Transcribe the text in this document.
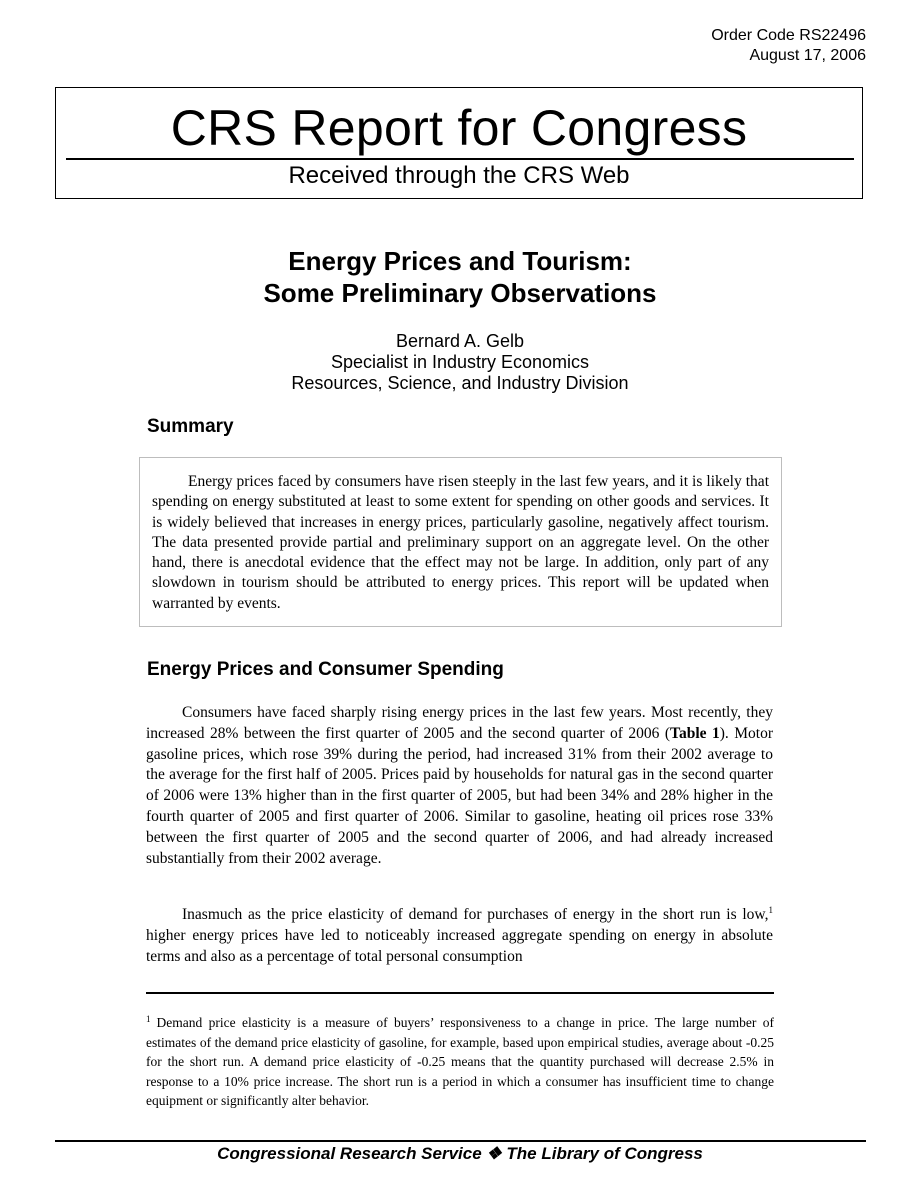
Order Code RS22496
August 17, 2006
CRS Report for Congress
Received through the CRS Web
Energy Prices and Tourism:
Some Preliminary Observations
Bernard A. Gelb
Specialist in Industry Economics
Resources, Science, and Industry Division
Summary

Energy prices faced by consumers have risen steeply in the last few years, and it is likely that spending on energy substituted at least to some extent for spending on other goods and services. It is widely believed that increases in energy prices, particularly gasoline, negatively affect tourism. The data presented provide partial and preliminary support on an aggregate level. On the other hand, there is anecdotal evidence that the effect may not be large. In addition, only part of any slowdown in tourism should be attributed to energy prices. This report will be updated when warranted by events.

Energy Prices and Consumer Spending

Consumers have faced sharply rising energy prices in the last few years. Most recently, they increased 28% between the first quarter of 2005 and the second quarter of 2006 (Table 1). Motor gasoline prices, which rose 39% during the period, had increased 31% from their 2002 average to the average for the first half of 2005. Prices paid by households for natural gas in the second quarter of 2006 were 13% higher than in the first quarter of 2005, but had been 34% and 28% higher in the fourth quarter of 2005 and first quarter of 2006. Similar to gasoline, heating oil prices rose 33% between the first quarter of 2005 and the second quarter of 2006, and had already increased substantially from their 2002 average.

Inasmuch as the price elasticity of demand for purchases of energy in the short run is low,$^1$ higher energy prices have led to noticeably increased aggregate spending on energy in absolute terms and also as a percentage of total personal consumption

$^1$ Demand price elasticity is a measure of buyers’ responsiveness to a change in price. The large number of estimates of the demand price elasticity of gasoline, for example, based upon empirical studies, average about -0.25 for the short run. A demand price elasticity of -0.25 means that the quantity purchased will decrease 2.5% in response to a 10% price increase. The short run is a period in which a consumer has insufficient time to change equipment or significantly alter behavior.

Congressional Research Service ❖ The Library of Congress
